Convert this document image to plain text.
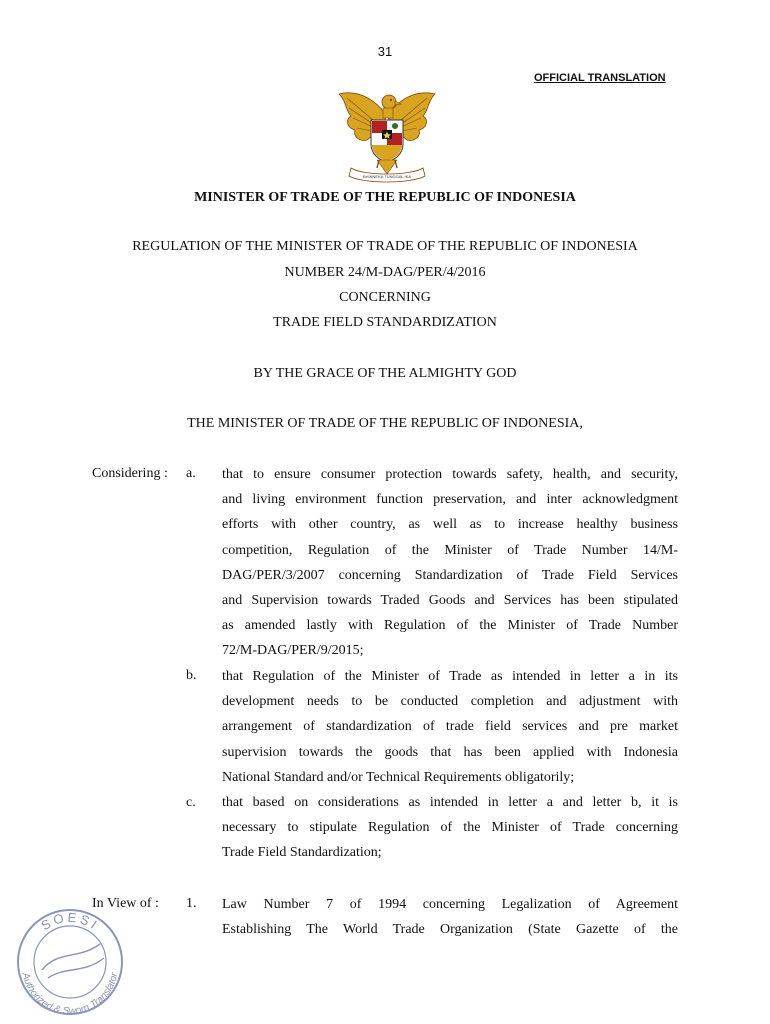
31
OFFICIAL TRANSLATION
BHINNEKA TUNGGAL IKA
MINISTER OF TRADE OF THE REPUBLIC OF INDONESIA
REGULATION OF THE MINISTER OF TRADE OF THE REPUBLIC OF INDONESIA
NUMBER 24/M-DAG/PER/4/2016
CONCERNING
TRADE FIELD STANDARDIZATION
BY THE GRACE OF THE ALMIGHTY GOD
THE MINISTER OF TRADE OF THE REPUBLIC OF INDONESIA,
Considering : a. that to ensure consumer protection towards safety, health, and security,
and living environment function preservation, and inter acknowledgment
efforts with other country, as well as to increase healthy business
competition, Regulation of the Minister of Trade Number 14/M-
DAG/PER/3/2007 concerning Standardization of Trade Field Services
and Supervision towards Traded Goods and Services has been stipulated
as amended lastly with Regulation of the Minister of Trade Number
72/M-DAG/PER/9/2015;
b. that Regulation of the Minister of Trade as intended in letter a in its
development needs to be conducted completion and adjustment with
arrangement of standardization of trade field services and pre market
supervision towards the goods that has been applied with Indonesia
National Standard and/or Technical Requirements obligatorily;
c. that based on considerations as intended in letter a and letter b, it is
necessary to stipulate Regulation of the Minister of Trade concerning
Trade Field Standardization;
In View of : 1. Law Number 7 of 1994 concerning Legalization of Agreement
Establishing The World Trade Organization (State Gazette of the
SOESI
Authorized & Sworn Translator
